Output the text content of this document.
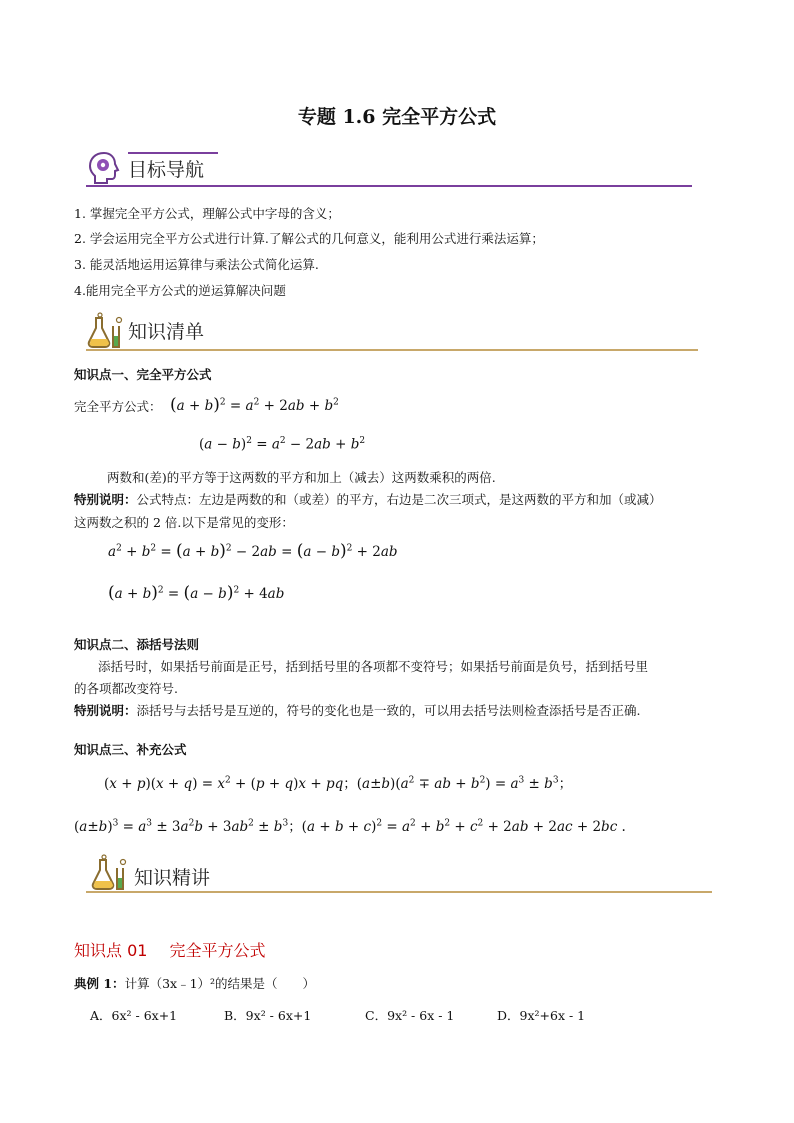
专题 1.6 完全平方公式
目标导航
1. 掌握完全平方公式，理解公式中字母的含义；
2. 学会运用完全平方公式进行计算.了解公式的几何意义，能利用公式进行乘法运算；
3. 能灵活地运用运算律与乘法公式简化运算.
4.能用完全平方公式的逆运算解决问题
知识清单
知识点一、完全平方公式
完全平方公式： $(a + b)^2 = a^2 + 2ab + b^2$
$(a - b)^2 = a^2 - 2ab + b^2$
两数和(差)的平方等于这两数的平方和加上（减去）这两数乘积的两倍.
特别说明：公式特点：左边是两数的和（或差）的平方，右边是二次三项式，是这两数的平方和加（或减）
这两数之积的 2 倍.以下是常见的变形：
$a^2 + b^2 = (a + b)^2 - 2ab = (a - b)^2 + 2ab$
$(a + b)^2 = (a - b)^2 + 4ab$
知识点二、添括号法则
添括号时，如果括号前面是正号，括到括号里的各项都不变符号；如果括号前面是负号，括到括号里
的各项都改变符号.
特别说明：添括号与去括号是互逆的，符号的变化也是一致的，可以用去括号法则检查添括号是否正确.
知识点三、补充公式
$(x + p)(x + q) = x^2 + (p + q)x$ + pq；$(a\pm b)(a^2$ ∓ ab + $b^2) = a^3 \pm b^3$；
$(a\pm b)^3 = a^3 \pm 3a^2b + 3ab^2 \pm b^3$；$(a + b + c)^2 = a^2 + b^2 + c^2 + 2ab + 2ac + 2bc$ .
知识精讲
知识点 01 完全平方公式
典例 1：计算（3x﹣1）²的结果是（　　）
A．6x² - 6x+1	B．9x² - 6x+1	C．9x² - 6x - 1	D．9x²+6x - 1
